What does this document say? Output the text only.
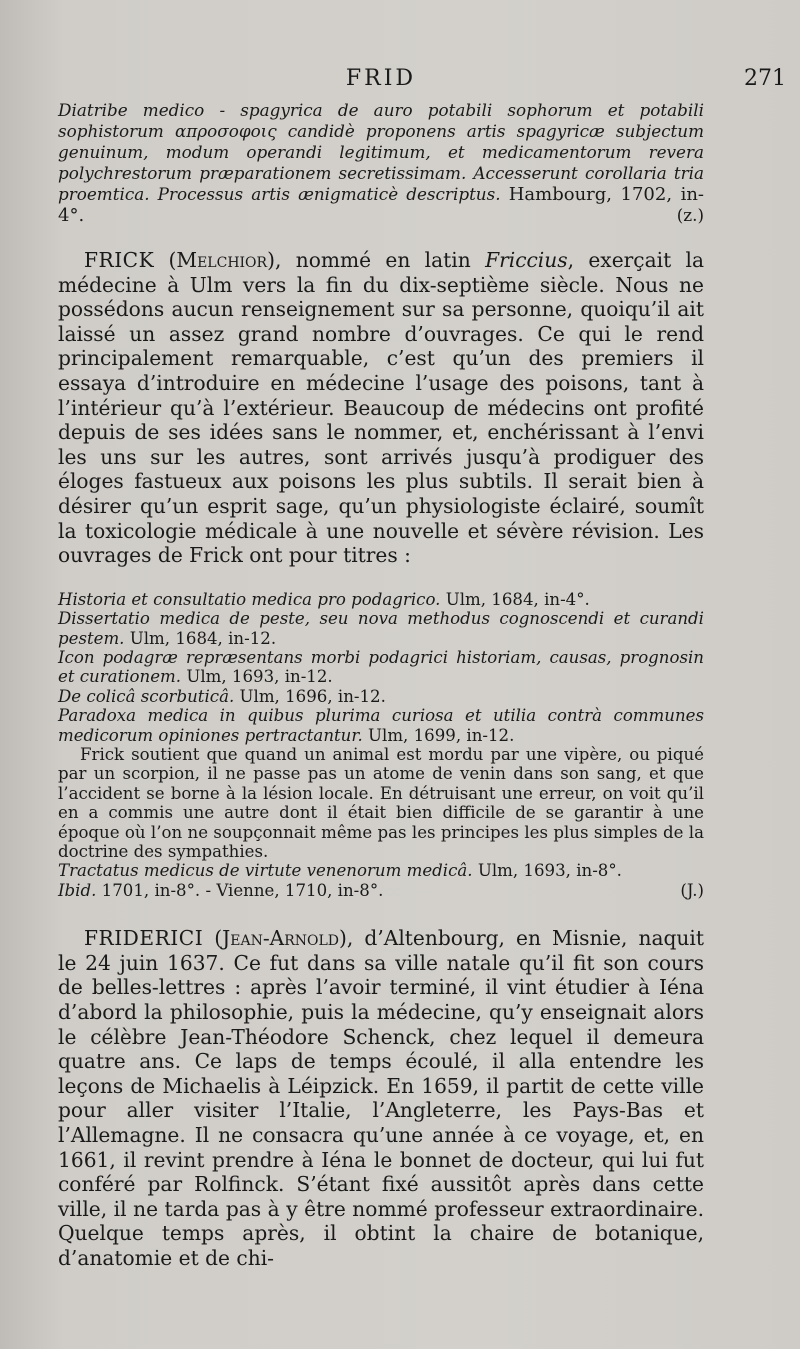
FRID	271

Diatribe medico - spagyrica de auro potabili sophorum et potabili sophistorum απροσοφοις candidè proponens artis spagyricæ subjectum genuinum, modum operandi legitimum, et medicamentorum reverа polychrestorum præparationem secretissimam. Accesserunt corollaria tria proemtica. Processus artis ænigmaticè descriptus. Hambourg, 1702, in-4°.	(z.)

FRICK (Melchior), nommé en latin Friccius, exerçait la médecine à Ulm vers la fin du dix-septième siècle. Nous ne possédons aucun renseignement sur sa personne, quoiqu’il ait laissé un assez grand nombre d’ouvrages. Ce qui le rend principalement remarquable, c’est qu’un des premiers il essaya d’introduire en médecine l’usage des poisons, tant à l’intérieur qu’à l’extérieur. Beaucoup de médecins ont profité depuis de ses idées sans le nommer, et, enchérissant à l’envi les uns sur les autres, sont arrivés jusqu’à prodiguer des éloges fastueux aux poisons les plus subtils. Il serait bien à désirer qu’un esprit sage, qu’un physiologiste éclairé, soumît la toxicologie médicale à une nouvelle et sévère révision. Les ouvrages de Frick ont pour titres :

Historia et consultatio medica pro podagrico. Ulm, 1684, in-4°.

Dissertatio medica de peste, seu nova methodus cognoscendi et curandi pestem. Ulm, 1684, in-12.

Icon podagræ repræsentans morbi podagrici historiam, causas, prognosin et curationem. Ulm, 1693, in-12.

De colicâ scorbuticâ. Ulm, 1696, in-12.

Paradoxa medica in quibus plurima curiosa et utilia contrà communes medicorum opiniones pertractantur. Ulm, 1699, in-12.

Frick soutient que quand un animal est mordu par une vipère, ou piqué par un scorpion, il ne passe pas un atome de venin dans son sang, et que l’accident se borne à la lésion locale. En détruisant une erreur, on voit qu’il en a commis une autre dont il était bien difficile de se garantir à une époque où l’on ne soupçonnait même pas les principes les plus simples de la doctrine des sympathies.

Tractatus medicus de virtute venenorum medicâ. Ulm, 1693, in-8°.

Ibid. 1701, in-8°. - Vienne, 1710, in-8°.	(J.)

FRIDERICI (Jean-Arnold), d’Altenbourg, en Misnie, naquit le 24 juin 1637. Ce fut dans sa ville natale qu’il fit son cours de belles-lettres : après l’avoir terminé, il vint étudier à Iéna d’abord la philosophie, puis la médecine, qu’y enseignait alors le célèbre Jean-Théodore Schenck, chez lequel il demeura quatre ans. Ce laps de temps écoulé, il alla entendre les leçons de Michaelis à Léipzick. En 1659, il partit de cette ville pour aller visiter l’Italie, l’Angleterre, les Pays-Bas et l’Allemagne. Il ne consacra qu’une année à ce voyage, et, en 1661, il revint prendre à Iéna le bonnet de docteur, qui lui fut conféré par Rolfinck. S’étant fixé aussitôt après dans cette ville, il ne tarda pas à y être nommé professeur extraordinaire. Quelque temps après, il obtint la chaire de botanique, d’anatomie et de chi-
